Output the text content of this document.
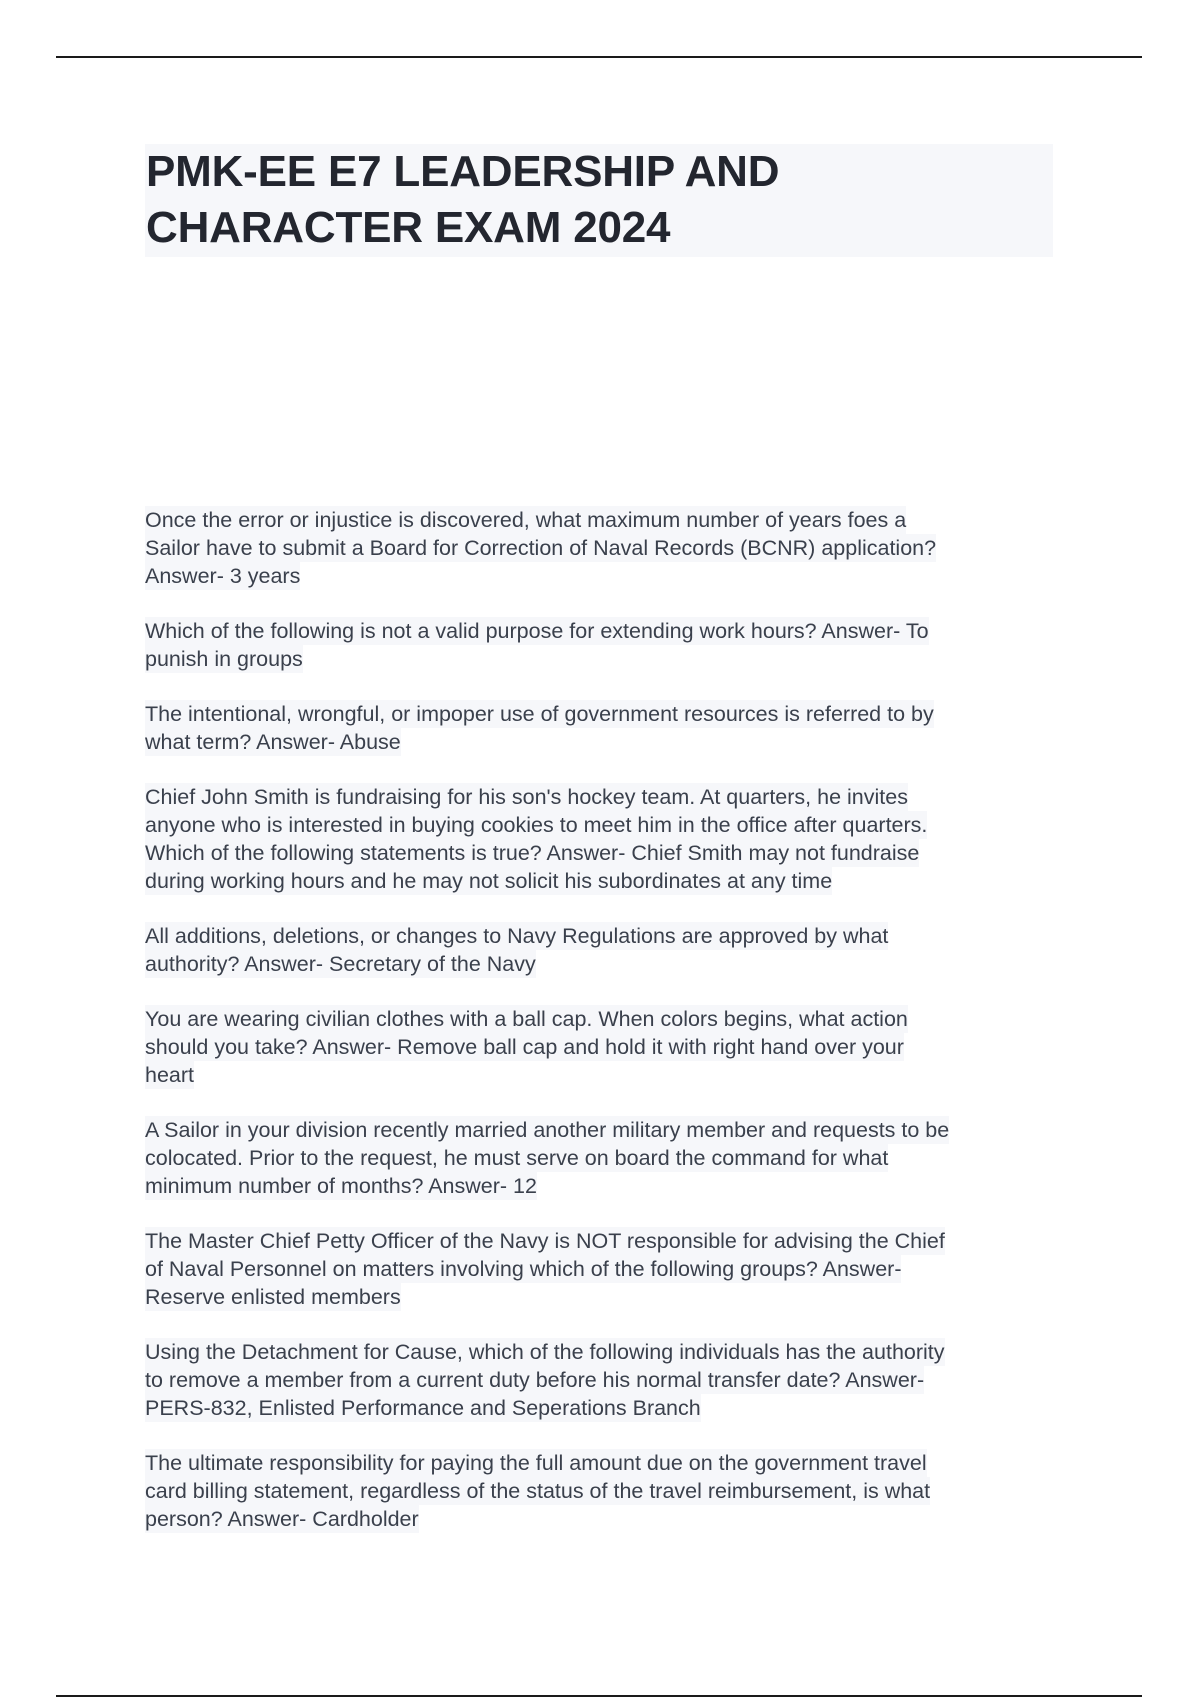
PMK-EE E7 LEADERSHIP AND
CHARACTER EXAM 2024
Once the error or injustice is discovered, what maximum number of years foes a
Sailor have to submit a Board for Correction of Naval Records (BCNR) application?
Answer- 3 years
Which of the following is not a valid purpose for extending work hours? Answer- To
punish in groups
The intentional, wrongful, or impoper use of government resources is referred to by
what term? Answer- Abuse
Chief John Smith is fundraising for his son's hockey team. At quarters, he invites
anyone who is interested in buying cookies to meet him in the office after quarters.
Which of the following statements is true? Answer- Chief Smith may not fundraise
during working hours and he may not solicit his subordinates at any time
All additions, deletions, or changes to Navy Regulations are approved by what
authority? Answer- Secretary of the Navy
You are wearing civilian clothes with a ball cap. When colors begins, what action
should you take? Answer- Remove ball cap and hold it with right hand over your
heart
A Sailor in your division recently married another military member and requests to be
colocated. Prior to the request, he must serve on board the command for what
minimum number of months? Answer- 12
The Master Chief Petty Officer of the Navy is NOT responsible for advising the Chief
of Naval Personnel on matters involving which of the following groups? Answer-
Reserve enlisted members
Using the Detachment for Cause, which of the following individuals has the authority
to remove a member from a current duty before his normal transfer date? Answer-
PERS-832, Enlisted Performance and Seperations Branch
The ultimate responsibility for paying the full amount due on the government travel
card billing statement, regardless of the status of the travel reimbursement, is what
person? Answer- Cardholder
